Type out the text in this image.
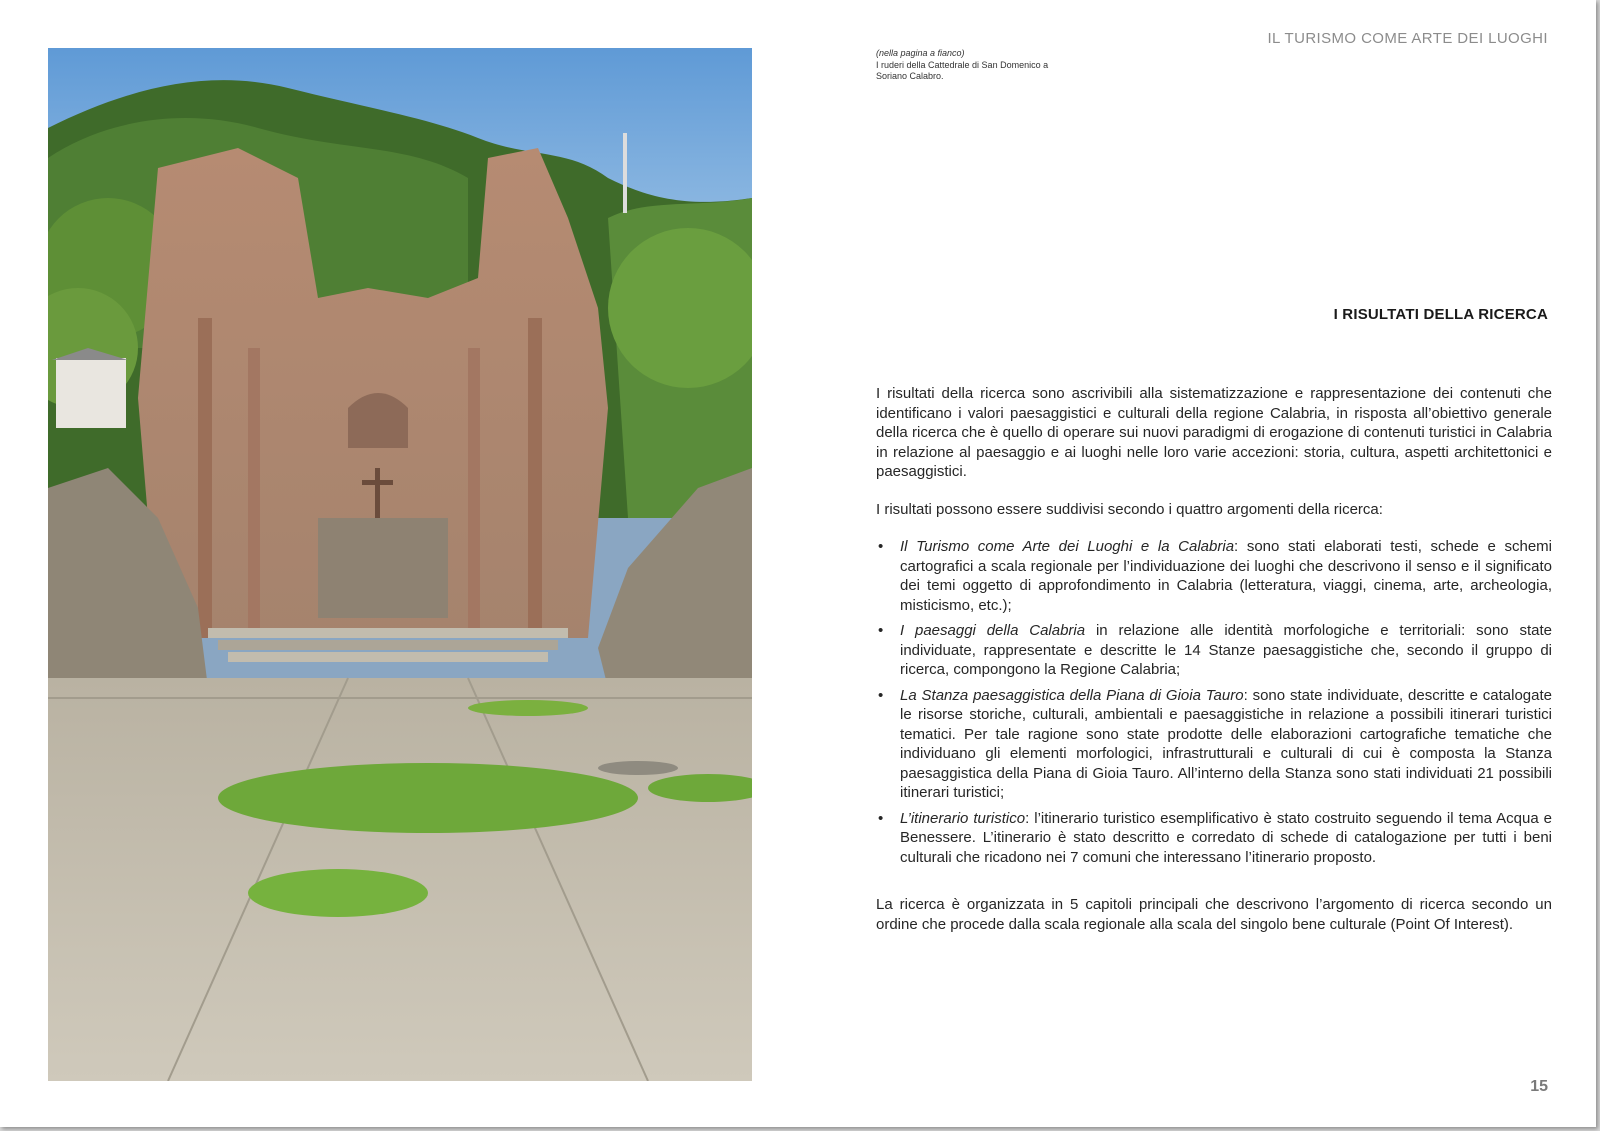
IL TURISMO COME ARTE DEI LUOGHI
(nella pagina a fianco)
I ruderi della Cattedrale di San Domenico a Soriano Calabro.
I RISULTATI DELLA RICERCA

I risultati della ricerca sono ascrivibili alla sistematizzazione e rappresentazione dei contenuti che identificano i valori paesaggistici e culturali della regione Calabria, in risposta all’obiettivo generale della ricerca che è quello di operare sui nuovi paradigmi di erogazione di contenuti turistici in Calabria in relazione al paesaggio e ai luoghi nelle loro varie accezioni: storia, cultura, aspetti architettonici e paesaggistici.

I risultati possono essere suddivisi secondo i quattro argomenti della ricerca:

• Il Turismo come Arte dei Luoghi e la Calabria: sono stati elaborati testi, schede e schemi cartografici a scala regionale per l’individuazione dei luoghi che descrivono il senso e il significato dei temi oggetto di approfondimento in Calabria (letteratura, viaggi, cinema, arte, archeologia, misticismo, etc.);
• I paesaggi della Calabria in relazione alle identità morfologiche e territoriali: sono state individuate, rappresentate e descritte le 14 Stanze paesaggistiche che, secondo il gruppo di ricerca, compongono la Regione Calabria;
• La Stanza paesaggistica della Piana di Gioia Tauro: sono state individuate, descritte e catalogate le risorse storiche, culturali, ambientali e paesaggistiche in relazione a possibili itinerari turistici tematici. Per tale ragione sono state prodotte delle elaborazioni cartografiche tematiche che individuano gli elementi morfologici, infrastrutturali e culturali di cui è composta la Stanza paesaggistica della Piana di Gioia Tauro. All’interno della Stanza sono stati individuati 21 possibili itinerari turistici;
• L’itinerario turistico: l’itinerario turistico esemplificativo è stato costruito seguendo il tema Acqua e Benessere. L’itinerario è stato descritto e corredato di schede di catalogazione per tutti i beni culturali che ricadono nei 7 comuni che interessano l’itinerario proposto.

La ricerca è organizzata in 5 capitoli principali che descrivono l’argomento di ricerca secondo un ordine che procede dalla scala regionale alla scala del singolo bene culturale (Point Of Interest).

15
